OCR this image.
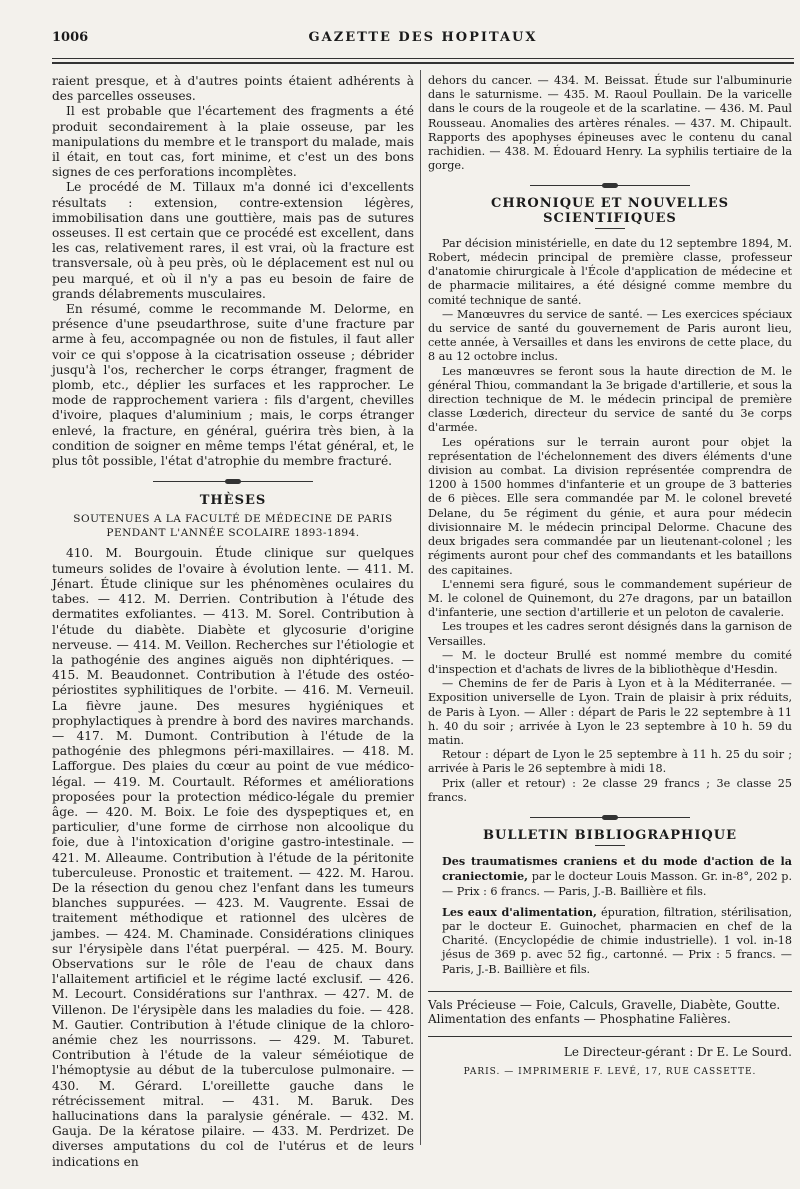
1006	GAZETTE DES HOPITAUX

raient presque, et à d'autres points étaient adhérents à des parcelles osseuses.

Il est probable que l'écartement des fragments a été produit secondairement à la plaie osseuse, par les manipulations du membre et le transport du malade, mais il était, en tout cas, fort minime, et c'est un des bons signes de ces perforations incomplètes.

Le procédé de M. Tillaux m'a donné ici d'excellents résultats : extension, contre-extension légères, immobilisation dans une gouttière, mais pas de sutures osseuses. Il est certain que ce procédé est excellent, dans les cas, relativement rares, il est vrai, où la fracture est transversale, où à peu près, où le déplacement est nul ou peu marqué, et où il n'y a pas eu besoin de faire de grands délabrements musculaires.

En résumé, comme le recommande M. Delorme, en présence d'une pseudarthrose, suite d'une fracture par arme à feu, accompagnée ou non de fistules, il faut aller voir ce qui s'oppose à la cicatrisation osseuse ; débrider jusqu'à l'os, rechercher le corps étranger, fragment de plomb, etc., déplier les surfaces et les rapprocher. Le mode de rapprochement variera : fils d'argent, chevilles d'ivoire, plaques d'aluminium ; mais, le corps étranger enlevé, la fracture, en général, guérira très bien, à la condition de soigner en même temps l'état général, et, le plus tôt possible, l'état d'atrophie du membre fracturé.

THÈSES
SOUTENUES A LA FACULTÉ DE MÉDECINE DE PARIS PENDANT L'ANNÉE SCOLAIRE 1893-1894.

410. M. Bourgouin. Étude clinique sur quelques tumeurs solides de l'ovaire à évolution lente. — 411. M. Jénart. Étude clinique sur les phénomènes oculaires du tabes. — 412. M. Derrien. Contribution à l'étude des dermatites exfoliantes. — 413. M. Sorel. Contribution à l'étude du diabète. Diabète et glycosurie d'origine nerveuse. — 414. M. Veillon. Recherches sur l'étiologie et la pathogénie des angines aiguës non diphtériques. — 415. M. Beaudonnet. Contribution à l'étude des ostéo-périostites syphilitiques de l'orbite. — 416. M. Verneuil. La fièvre jaune. Des mesures hygiéniques et prophylactiques à prendre à bord des navires marchands. — 417. M. Dumont. Contribution à l'étude de la pathogénie des phlegmons péri-maxillaires. — 418. M. Lafforgue. Des plaies du cœur au point de vue médico-légal. — 419. M. Courtault. Réformes et améliorations proposées pour la protection médico-légale du premier âge. — 420. M. Boix. Le foie des dyspeptiques et, en particulier, d'une forme de cirrhose non alcoolique du foie, due à l'intoxication d'origine gastro-intestinale. — 421. M. Alleaume. Contribution à l'étude de la péritonite tuberculeuse. Pronostic et traitement. — 422. M. Harou. De la résection du genou chez l'enfant dans les tumeurs blanches suppurées. — 423. M. Vaugrente. Essai de traitement méthodique et rationnel des ulcères de jambes. — 424. M. Chaminade. Considérations cliniques sur l'érysipèle dans l'état puerpéral. — 425. M. Boury. Observations sur le rôle de l'eau de chaux dans l'allaitement artificiel et le régime lacté exclusif. — 426. M. Lecourt. Considérations sur l'anthrax. — 427. M. de Villenon. De l'érysipèle dans les maladies du foie. — 428. M. Gautier. Contribution à l'étude clinique de la chloro-anémie chez les nourrissons. — 429. M. Taburet. Contribution à l'étude de la valeur séméiotique de l'hémoptysie au début de la tuberculose pulmonaire. — 430. M. Gérard. L'oreillette gauche dans le rétrécissement mitral. — 431. M. Baruk. Des hallucinations dans la paralysie générale. — 432. M. Gauja. De la kératose pilaire. — 433. M. Perdrizet. De diverses amputations du col de l'utérus et de leurs indications en

dehors du cancer. — 434. M. Beissat. Étude sur l'albuminurie dans le saturnisme. — 435. M. Raoul Poullain. De la varicelle dans le cours de la rougeole et de la scarlatine. — 436. M. Paul Rousseau. Anomalies des artères rénales. — 437. M. Chipault. Rapports des apophyses épineuses avec le contenu du canal rachidien. — 438. M. Édouard Henry. La syphilis tertiaire de la gorge.

CHRONIQUE ET NOUVELLES SCIENTIFIQUES

Par décision ministérielle, en date du 12 septembre 1894, M. Robert, médecin principal de première classe, professeur d'anatomie chirurgicale à l'École d'application de médecine et de pharmacie militaires, a été désigné comme membre du comité technique de santé.

— Manœuvres du service de santé. — Les exercices spéciaux du service de santé du gouvernement de Paris auront lieu, cette année, à Versailles et dans les environs de cette place, du 8 au 12 octobre inclus.

Les manœuvres se feront sous la haute direction de M. le général Thiou, commandant la 3e brigade d'artillerie, et sous la direction technique de M. le médecin principal de première classe Lœderich, directeur du service de santé du 3e corps d'armée.

Les opérations sur le terrain auront pour objet la représentation de l'échelonnement des divers éléments d'une division au combat. La division représentée comprendra de 1200 à 1500 hommes d'infanterie et un groupe de 3 batteries de 6 pièces. Elle sera commandée par M. le colonel breveté Delane, du 5e régiment du génie, et aura pour médecin divisionnaire M. le médecin principal Delorme. Chacune des deux brigades sera commandée par un lieutenant-colonel ; les régiments auront pour chef des commandants et les bataillons des capitaines.

L'ennemi sera figuré, sous le commandement supérieur de M. le colonel de Quinemont, du 27e dragons, par un bataillon d'infanterie, une section d'artillerie et un peloton de cavalerie.

Les troupes et les cadres seront désignés dans la garnison de Versailles.

— M. le docteur Brullé est nommé membre du comité d'inspection et d'achats de livres de la bibliothèque d'Hesdin.

— Chemins de fer de Paris à Lyon et à la Méditerranée. — Exposition universelle de Lyon. Train de plaisir à prix réduits, de Paris à Lyon. — Aller : départ de Paris le 22 septembre à 11 h. 40 du soir ; arrivée à Lyon le 23 septembre à 10 h. 59 du matin.

Retour : départ de Lyon le 25 septembre à 11 h. 25 du soir ; arrivée à Paris le 26 septembre à midi 18.

Prix (aller et retour) : 2e classe 29 francs ; 3e classe 25 francs.

BULLETIN BIBLIOGRAPHIQUE

Des traumatismes craniens et du mode d'action de la craniectomie, par le docteur Louis Masson. Gr. in-8°, 202 p. — Prix : 6 francs. — Paris, J.-B. Baillière et fils.

Les eaux d'alimentation, épuration, filtration, stérilisation, par le docteur E. Guinochet, pharmacien en chef de la Charité. (Encyclopédie de chimie industrielle). 1 vol. in-18 jésus de 369 p. avec 52 fig., cartonné. — Prix : 5 francs. — Paris, J.-B. Baillière et fils.

Vals Précieuse — Foie, Calculs, Gravelle, Diabète, Goutte.

Alimentation des enfants — Phosphatine Falières.

Le Directeur-gérant : Dr E. Le Sourd.
PARIS. — IMPRIMERIE F. LEVÉ, 17, RUE CASSETTE.
